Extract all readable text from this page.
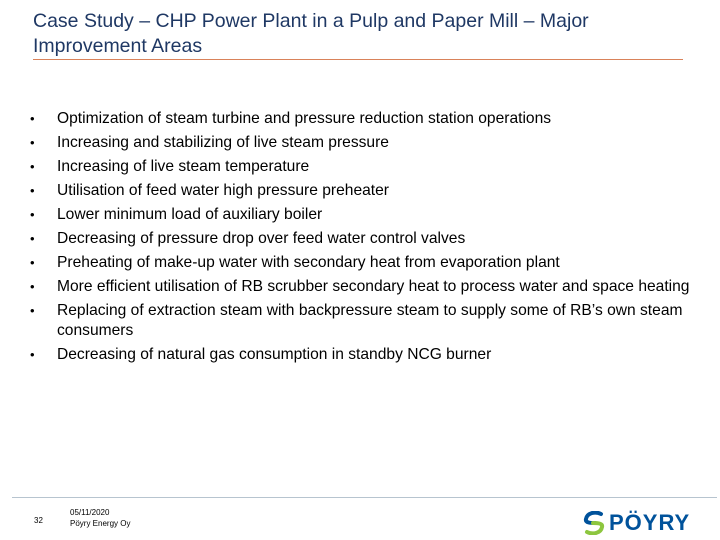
Case Study – CHP Power Plant in a Pulp and Paper Mill – Major Improvement Areas
•	Optimization of steam turbine and pressure reduction station operations
•	Increasing and stabilizing of live steam pressure
•	Increasing of live steam temperature
•	Utilisation of feed water high pressure preheater
•	Lower minimum load of auxiliary boiler
•	Decreasing of pressure drop over feed water control valves
•	Preheating of make-up water with secondary heat from evaporation plant
•	More efficient utilisation of RB scrubber secondary heat to process water and space heating
•	Replacing of extraction steam with backpressure steam to supply some of RB’s own steam consumers
•	Decreasing of natural gas consumption in standby NCG burner
32
05/11/2020
Pöyry Energy Oy	PÖYRY
